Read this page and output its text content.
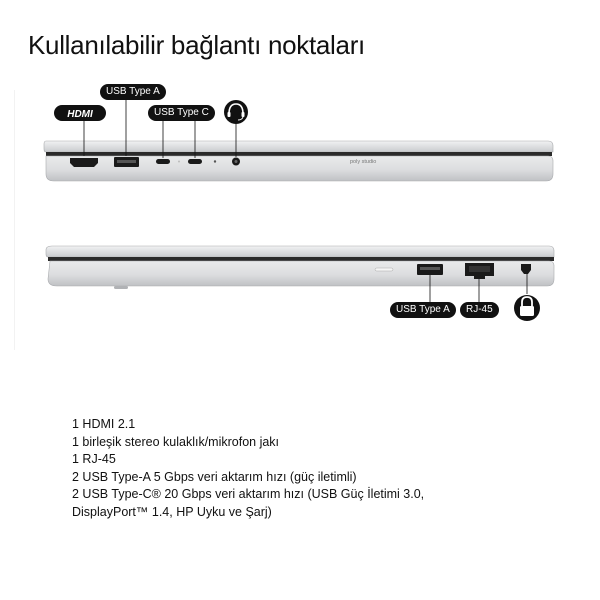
Kullanılabilir bağlantı noktaları
poly studio
HDMI
USB Type A
USB Type C
USB Type A	RJ-45
1 HDMI 2.1
1 birleşik stereo kulaklık/mikrofon jakı
1 RJ-45
2 USB Type-A 5 Gbps veri aktarım hızı (güç iletimli)
2 USB Type-C® 20 Gbps veri aktarım hızı (USB Güç İletimi 3.0,
DisplayPort™ 1.4, HP Uyku ve Şarj)
